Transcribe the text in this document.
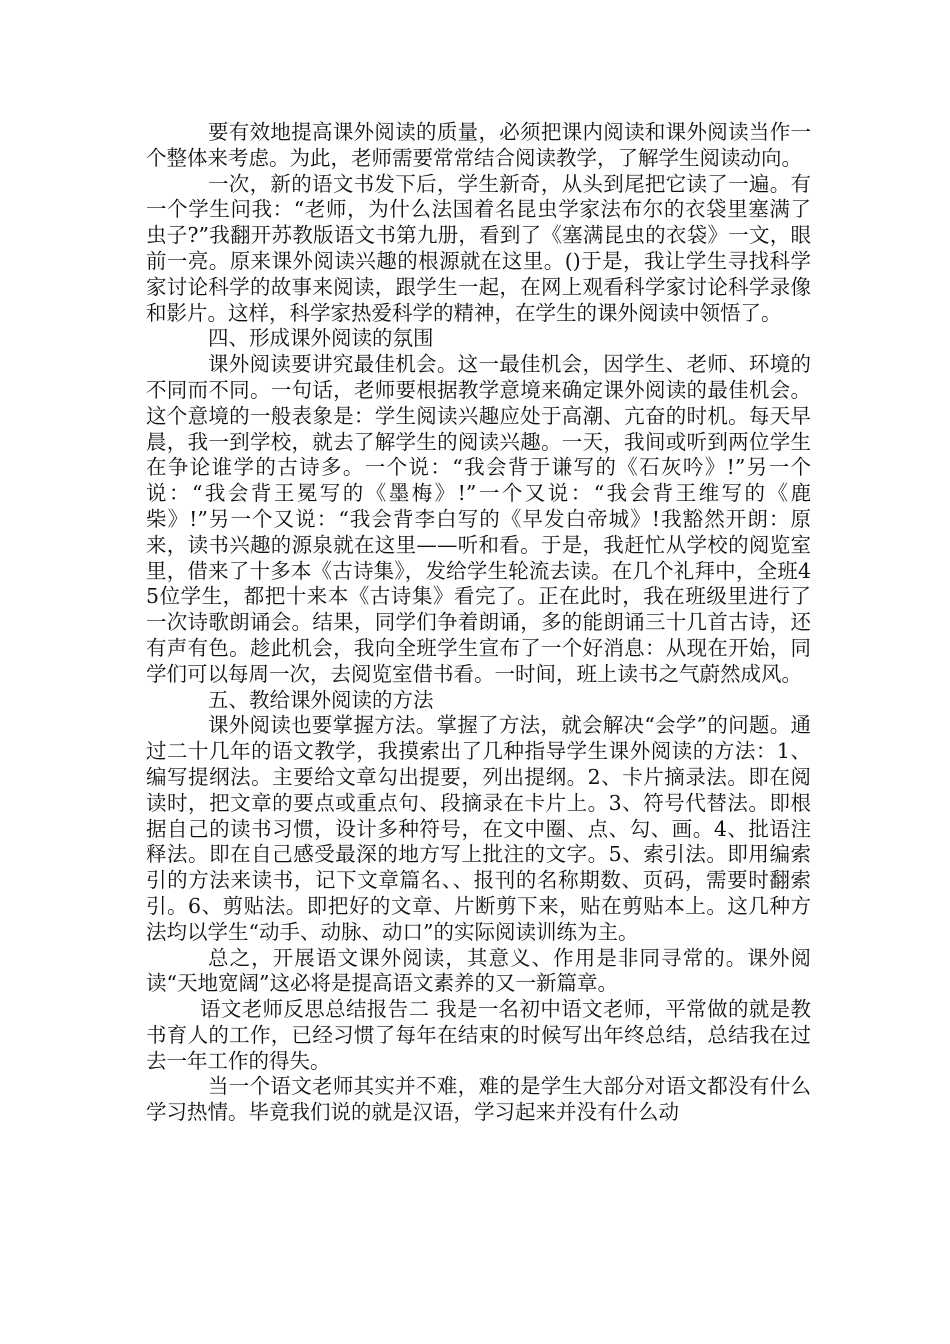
要有效地提高课外阅读的质量，必须把课内阅读和课外阅读当作一个整体来考虑。为此，老师需要常常结合阅读教学，了解学生阅读动向。

一次，新的语文书发下后，学生新奇，从头到尾把它读了一遍。有一个学生问我：“老师，为什么法国着名昆虫学家法布尔的衣袋里塞满了虫子?”我翻开苏教版语文书第九册，看到了《塞满昆虫的衣袋》一文，眼前一亮。原来课外阅读兴趣的根源就在这里。()于是，我让学生寻找科学家讨论科学的故事来阅读，跟学生一起，在网上观看科学家讨论科学录像和影片。这样，科学家热爱科学的精神，在学生的课外阅读中领悟了。

四、形成课外阅读的氛围

课外阅读要讲究最佳机会。这一最佳机会，因学生、老师、环境的不同而不同。一句话，老师要根据教学意境来确定课外阅读的最佳机会。这个意境的一般表象是：学生阅读兴趣应处于高潮、亢奋的时机。每天早晨，我一到学校，就去了解学生的阅读兴趣。一天，我间或听到两位学生在争论谁学的古诗多。一个说：“我会背于谦写的《石灰吟》!”另一个说：“我会背王冕写的《墨梅》!”一个又说：“我会背王维写的《鹿柴》!”另一个又说：“我会背李白写的《早发白帝城》!我豁然开朗：原来，读书兴趣的源泉就在这里——听和看。于是，我赶忙从学校的阅览室里，借来了十多本《古诗集》，发给学生轮流去读。在几个礼拜中，全班45位学生，都把十来本《古诗集》看完了。正在此时，我在班级里进行了一次诗歌朗诵会。结果，同学们争着朗诵，多的能朗诵三十几首古诗，还有声有色。趁此机会，我向全班学生宣布了一个好消息：从现在开始，同学们可以每周一次，去阅览室借书看。一时间，班上读书之气蔚然成风。

五、教给课外阅读的方法

课外阅读也要掌握方法。掌握了方法，就会解决“会学”的问题。通过二十几年的语文教学，我摸索出了几种指导学生课外阅读的方法：1、编写提纲法。主要给文章勾出提要，列出提纲。2、卡片摘录法。即在阅读时，把文章的要点或重点句、段摘录在卡片上。3、符号代替法。即根据自己的读书习惯，设计多种符号，在文中圈、点、勾、画。4、批语注释法。即在自己感受最深的地方写上批注的文字。5、索引法。即用编索引的方法来读书，记下文章篇名、、报刊的名称期数、页码，需要时翻索引。6、剪贴法。即把好的文章、片断剪下来，贴在剪贴本上。这几种方法均以学生“动手、动脉、动口”的实际阅读训练为主。

总之，开展语文课外阅读，其意义、作用是非同寻常的。课外阅读“天地宽阔”这必将是提高语文素养的又一新篇章。

语文老师反思总结报告二 我是一名初中语文老师，平常做的就是教书育人的工作，已经习惯了每年在结束的时候写出年终总结，总结我在过去一年工作的得失。

当一个语文老师其实并不难，难的是学生大部分对语文都没有什么学习热情。毕竟我们说的就是汉语，学习起来并没有什么动
